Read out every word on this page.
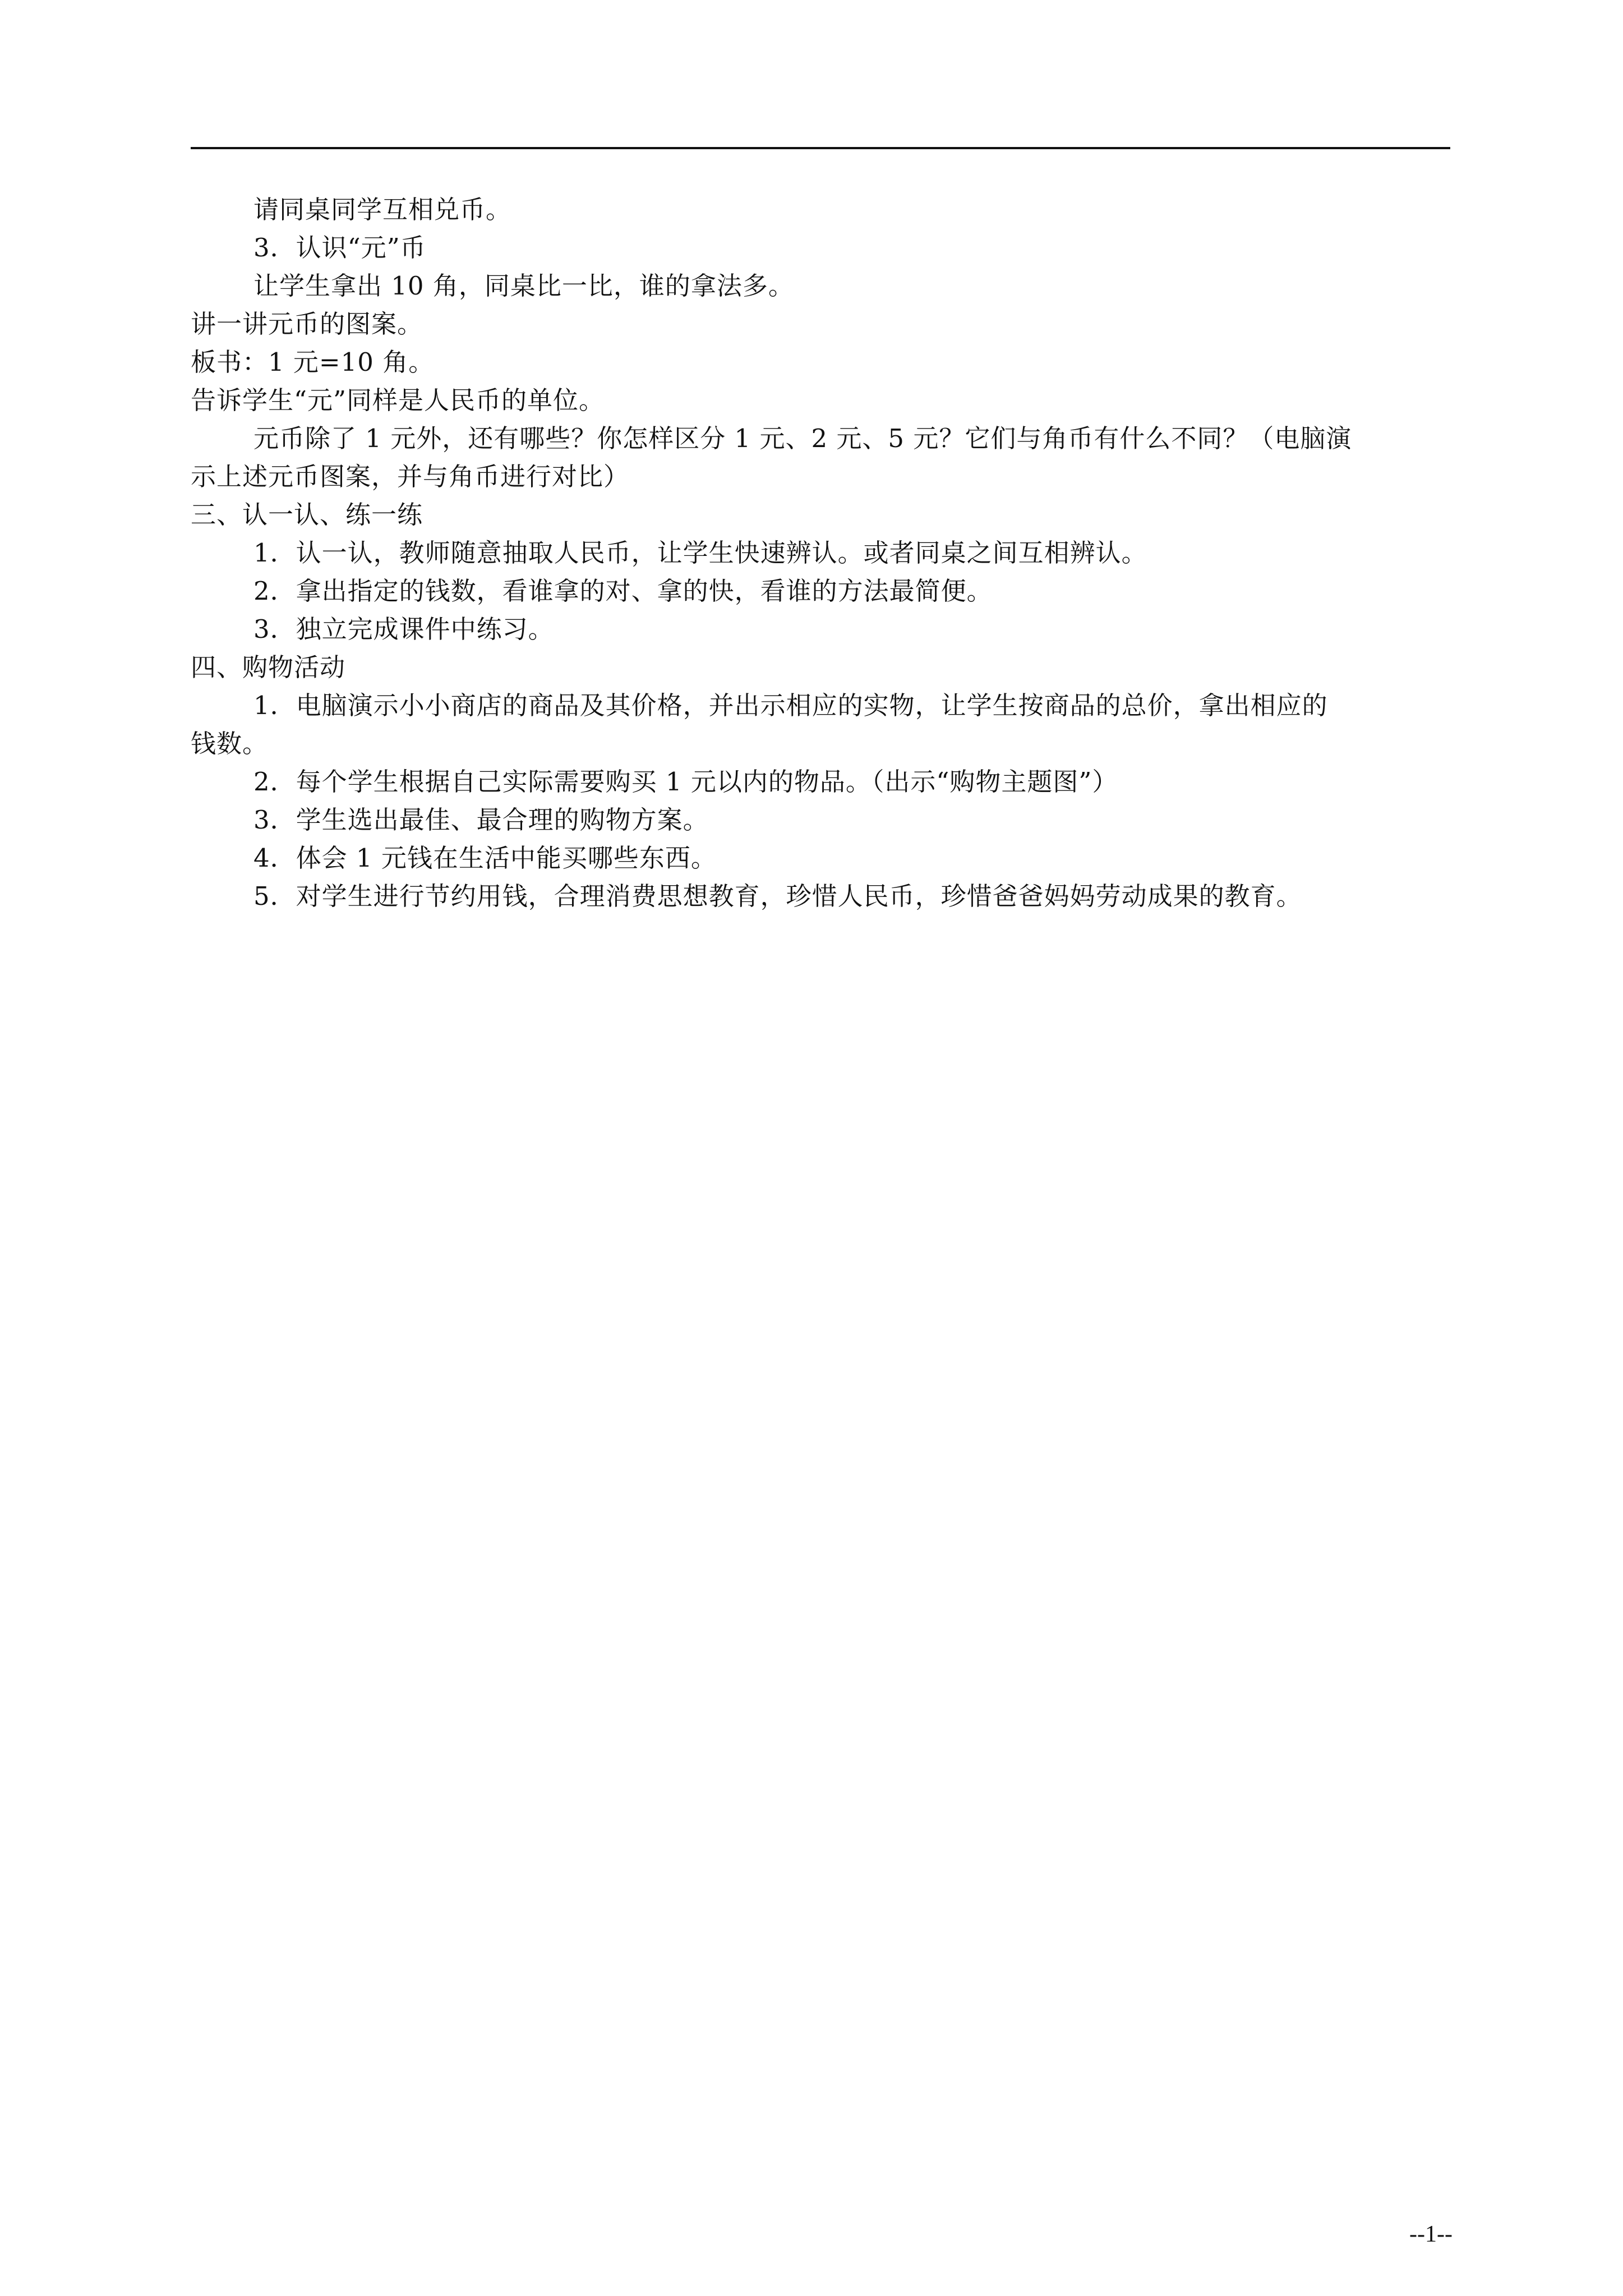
请同桌同学互相兑币。
3．认识“元”币
让学生拿出 10 角，同桌比一比，谁的拿法多。
讲一讲元币的图案。
板书：1 元=10 角。
告诉学生“元”同样是人民币的单位。
元币除了 1 元外，还有哪些？你怎样区分 1 元、2 元、5 元？它们与角币有什么不同？（电脑演
示上述元币图案，并与角币进行对比）
三、认一认、练一练
1．认一认，教师随意抽取人民币，让学生快速辨认。或者同桌之间互相辨认。
2．拿出指定的钱数，看谁拿的对、拿的快，看谁的方法最简便。
3．独立完成课件中练习。
四、购物活动
1．电脑演示小小商店的商品及其价格，并出示相应的实物，让学生按商品的总价，拿出相应的
钱数。
2．每个学生根据自己实际需要购买 1 元以内的物品。（出示“购物主题图”）
3．学生选出最佳、最合理的购物方案。
4．体会 1 元钱在生活中能买哪些东西。
5．对学生进行节约用钱，合理消费思想教育，珍惜人民币，珍惜爸爸妈妈劳动成果的教育。
--1--
